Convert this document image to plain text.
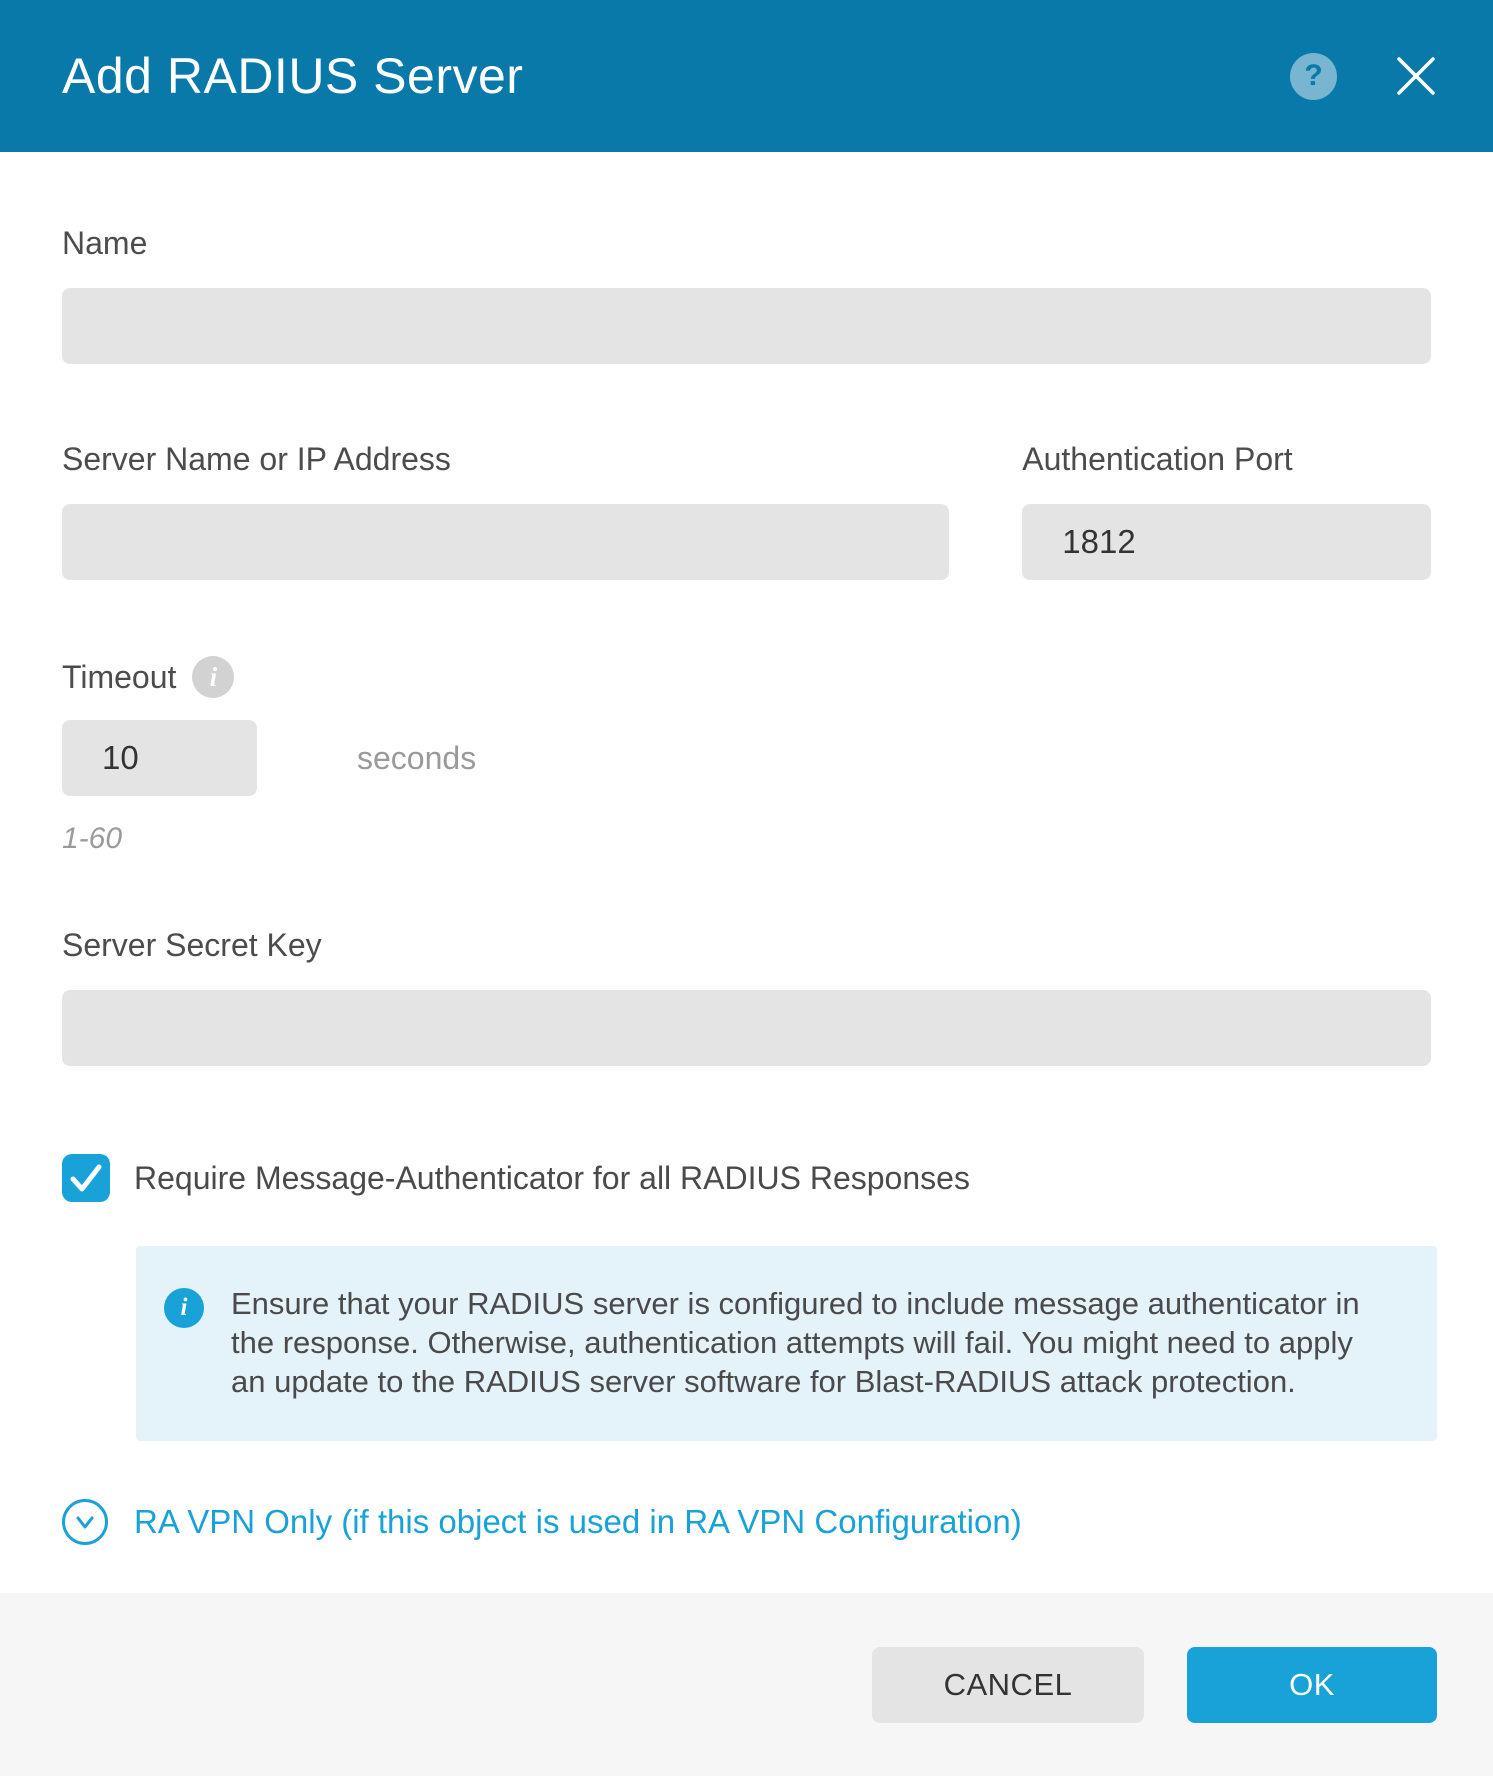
Add RADIUS Server	?
Name
Server Name or IP Address	Authentication Port
1812
Timeout	i
10
seconds
1-60
Server Secret Key
Require Message-Authenticator for all RADIUS Responses
i	Ensure that your RADIUS server is configured to include message authenticator in the response. Otherwise, authentication attempts will fail. You might need to apply an update to the RADIUS server software for Blast-RADIUS attack protection.
RA VPN Only (if this object is used in RA VPN Configuration)
CANCEL	OK
